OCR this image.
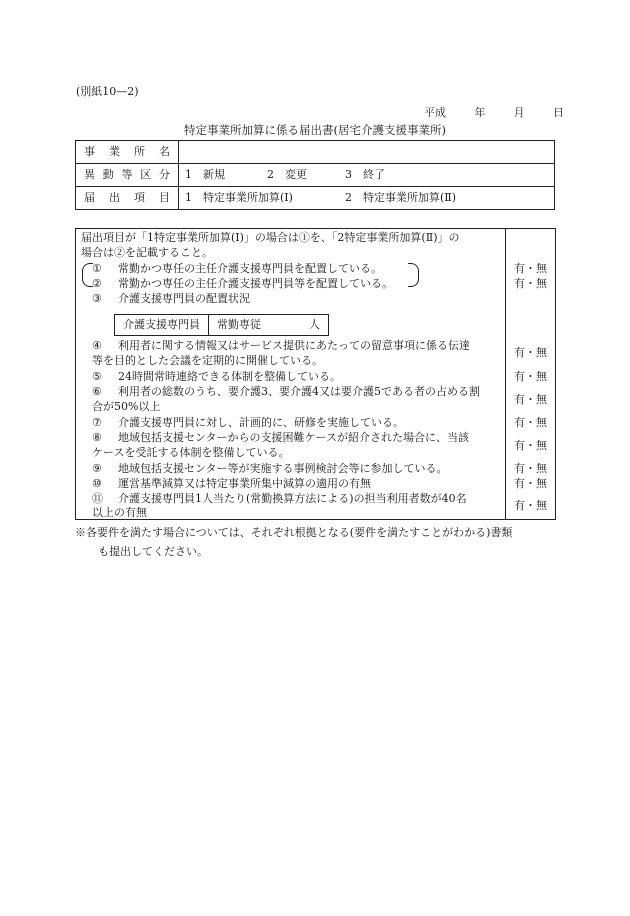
(別紙10—2)
平成	年	月	日
特定事業所加算に係る届出書(居宅介護支援事業所)
事業所名	
異動等区分	1　新規 2　変更 3　終了
届出項目	1　特定事業所加算(Ⅰ) 2　特定事業所加算(Ⅱ)
届出項目が「1特定事業所加算(Ⅰ)」の場合は①を、「2特定事業所加算(Ⅱ)」の
場合は②を記載すること。
① 常勤かつ専任の主任介護支援専門員を配置している。	有・無
② 常勤かつ専任の主任介護支援専門員等を配置している。	有・無
③ 介護支援専門員の配置状況
介護支援専門員	常勤専従	人
④ 利用者に関する情報又はサービス提供にあたっての留意事項に係る伝達
等を目的とした会議を定期的に開催している。
有・無
⑤ 24時間常時連絡できる体制を整備している。	有・無
⑥ 利用者の総数のうち、要介護3、要介護4又は要介護5である者の占める割
合が50%以上
有・無
⑦ 介護支援専門員に対し、計画的に、研修を実施している。	有・無
⑧ 地域包括支援センターからの支援困難ケースが紹介された場合に、当該
ケースを受託する体制を整備している。
有・無
⑨ 地域包括支援センター等が実施する事例検討会等に参加している。	有・無
⑩ 運営基準減算又は特定事業所集中減算の適用の有無	有・無
⑪ 介護支援専門員1人当たり(常勤換算方法による)の担当利用者数が40名
以上の有無
有・無
※各要件を満たす場合については、それぞれ根拠となる(要件を満たすことがわかる)書類
も提出してください。
